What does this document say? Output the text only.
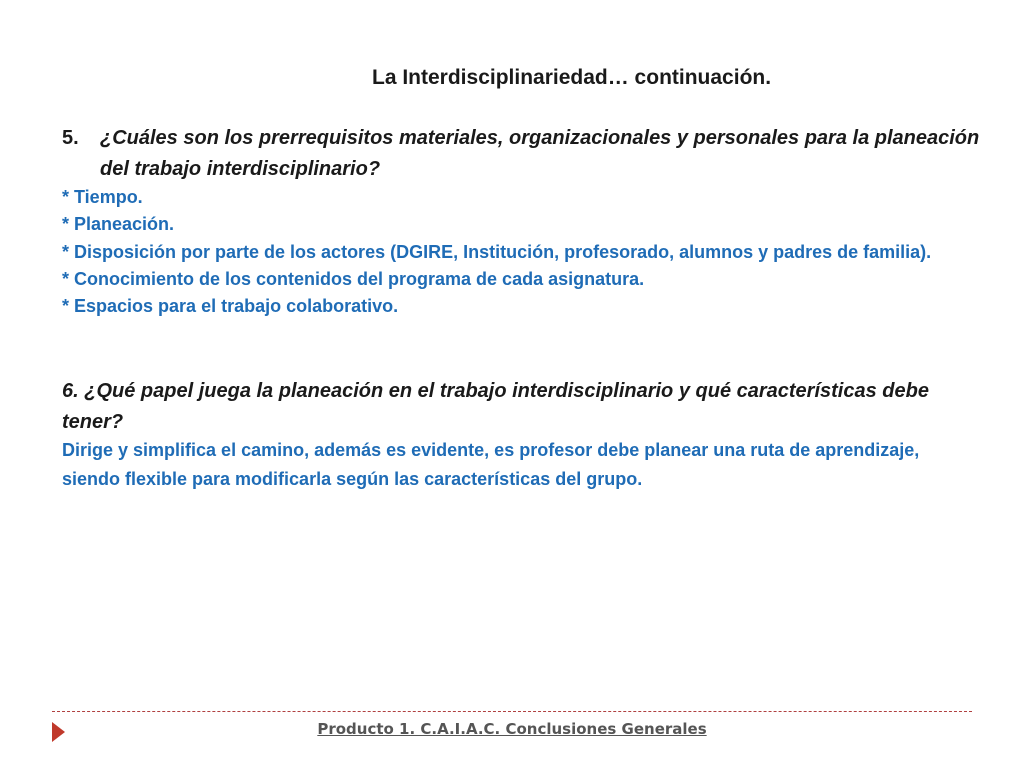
La Interdisciplinariedad… continuación.
5. ¿Cuáles son los prerrequisitos materiales, organizacionales y personales para la planeación del trabajo interdisciplinario?
* Tiempo.
* Planeación.
* Disposición por parte de los actores (DGIRE, Institución, profesorado, alumnos y padres de familia).
* Conocimiento de los contenidos del programa de cada asignatura.
* Espacios para el trabajo colaborativo.
6. ¿Qué papel juega la planeación en el trabajo interdisciplinario y qué características debe tener?
Dirige y simplifica el camino, además es evidente, es profesor debe planear una ruta de aprendizaje, siendo flexible para modificarla según las características del grupo.
Producto 1. C.A.I.A.C. Conclusiones Generales
